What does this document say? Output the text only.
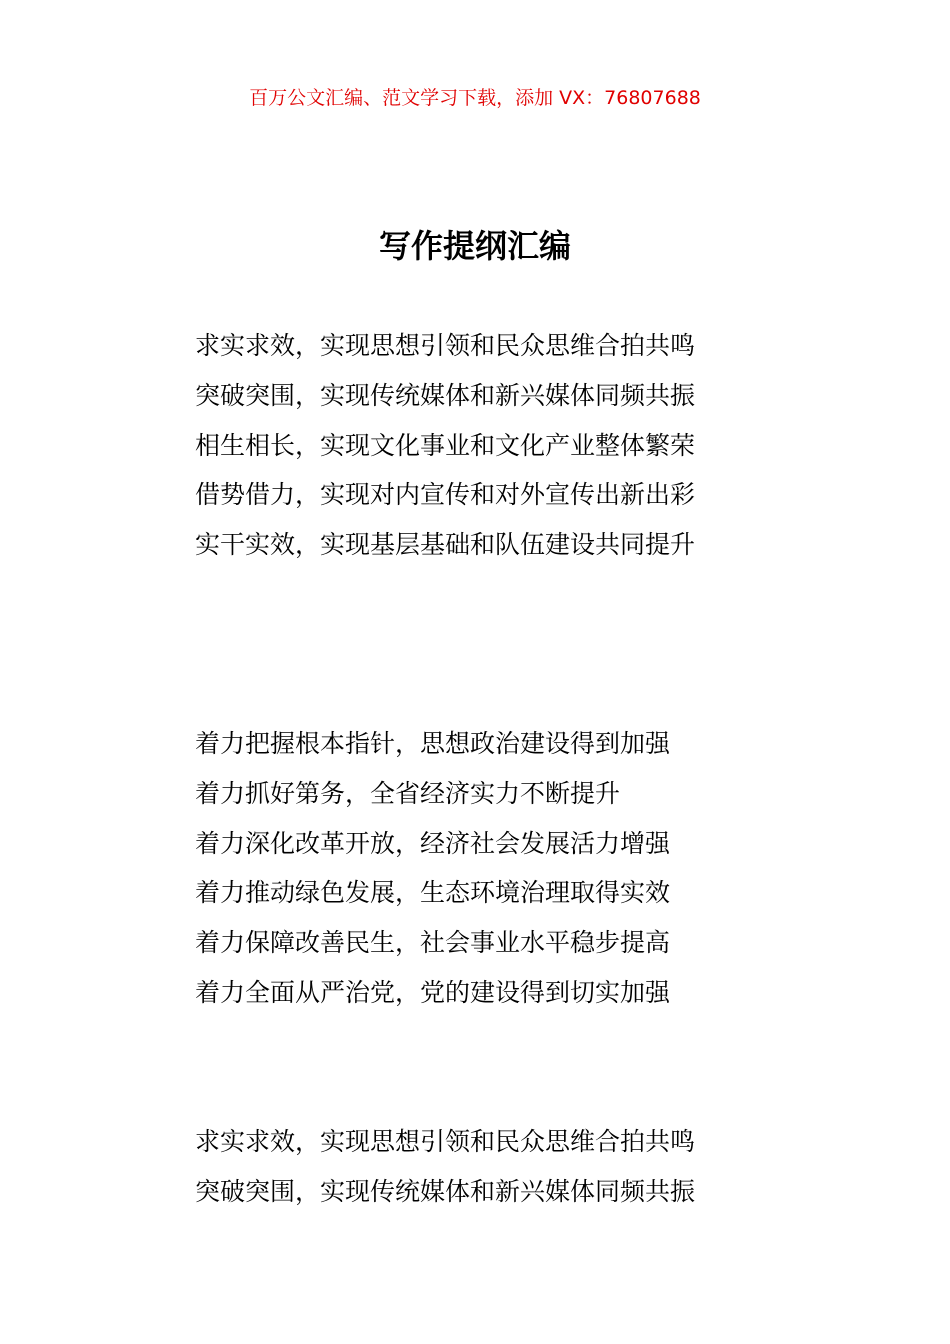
百万公文汇编、范文学习下载，添加 VX：76807688
写作提纲汇编
求实求效，实现思想引领和民众思维合拍共鸣
突破突围，实现传统媒体和新兴媒体同频共振
相生相长，实现文化事业和文化产业整体繁荣
借势借力，实现对内宣传和对外宣传出新出彩
实干实效，实现基层基础和队伍建设共同提升
着力把握根本指针，思想政治建设得到加强
着力抓好第务，全省经济实力不断提升
着力深化改革开放，经济社会发展活力增强
着力推动绿色发展，生态环境治理取得实效
着力保障改善民生，社会事业水平稳步提高
着力全面从严治党，党的建设得到切实加强
求实求效，实现思想引领和民众思维合拍共鸣
突破突围，实现传统媒体和新兴媒体同频共振
